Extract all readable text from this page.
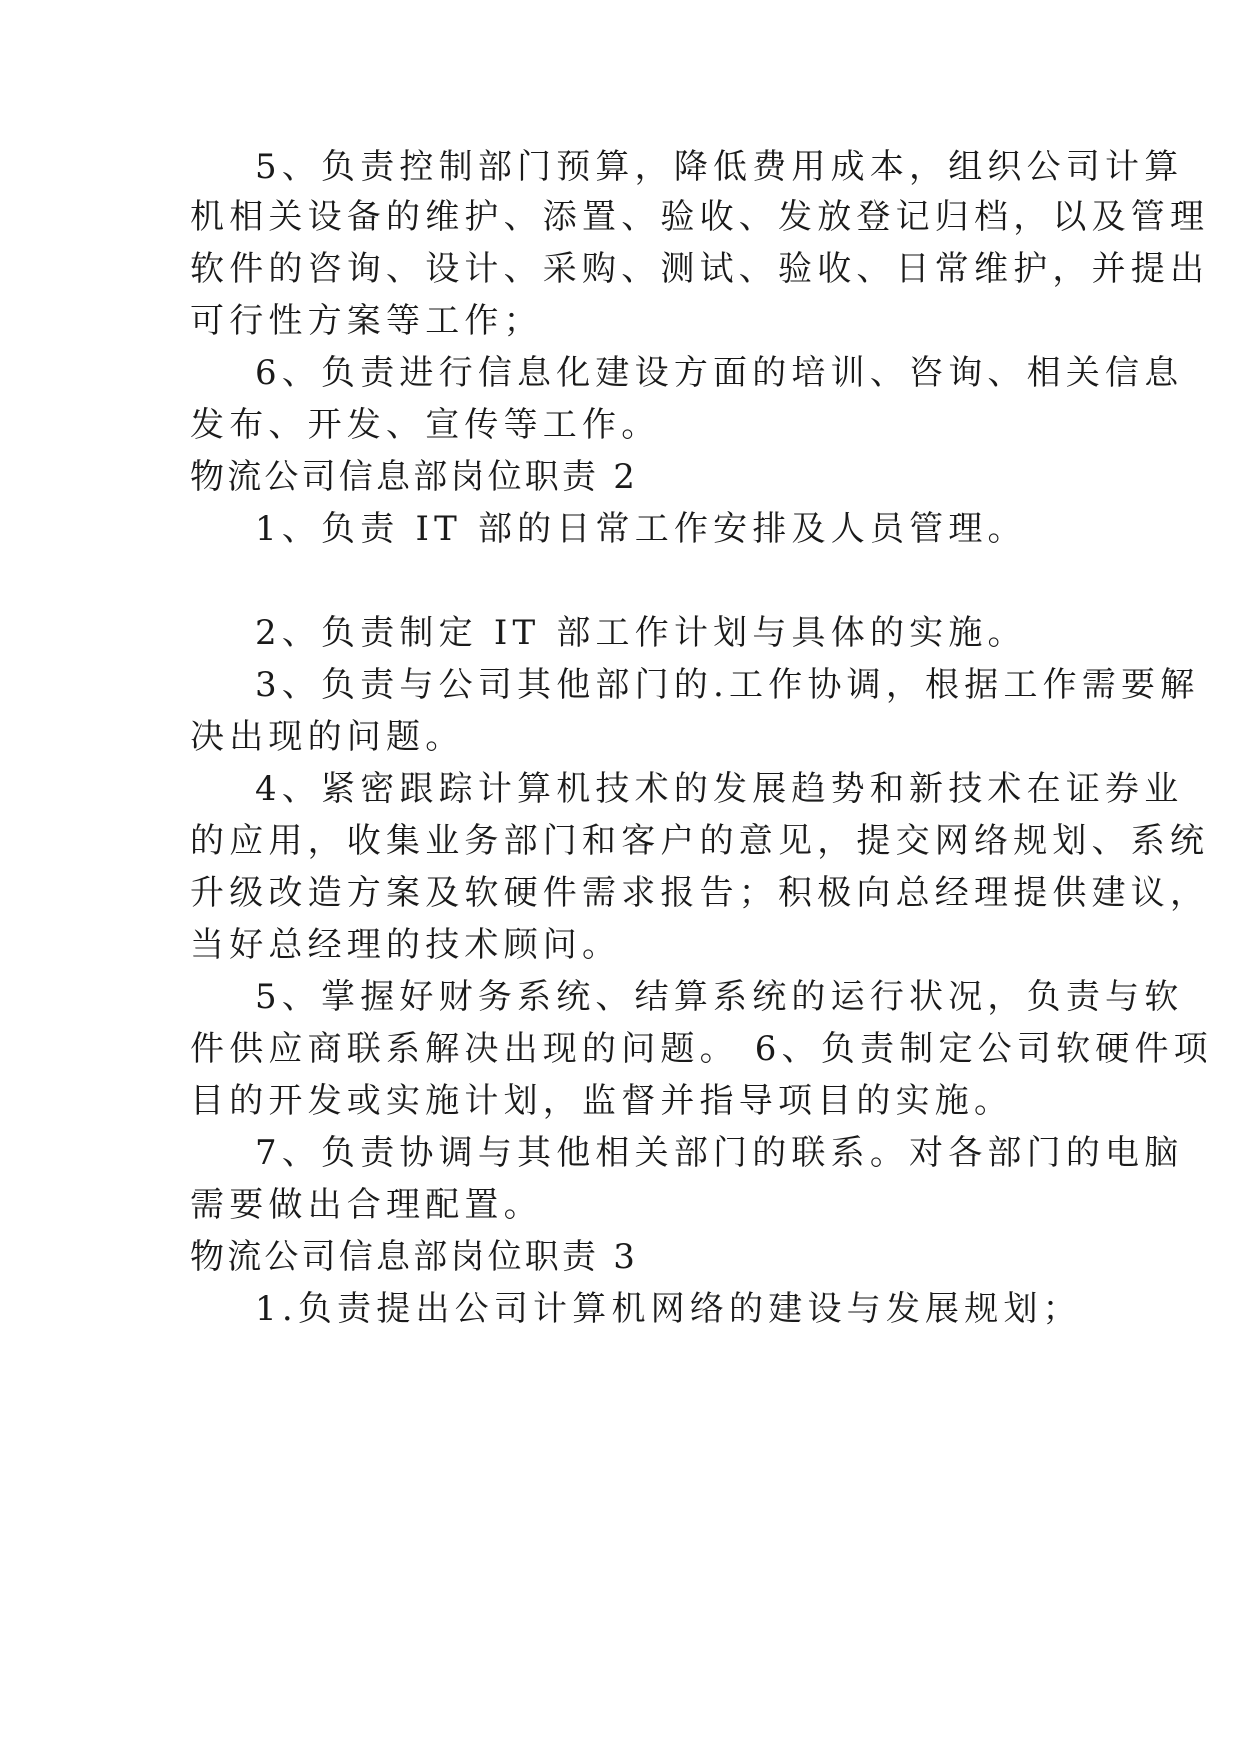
5、负责控制部门预算，降低费用成本，组织公司计算

机相关设备的维护、添置、验收、发放登记归档，以及管理

软件的咨询、设计、采购、测试、验收、日常维护，并提出

可行性方案等工作；

6、负责进行信息化建设方面的培训、咨询、相关信息

发布、开发、宣传等工作。

物流公司信息部岗位职责 2

1、负责 IT 部的日常工作安排及人员管理。

2、负责制定 IT 部工作计划与具体的实施。

3、负责与公司其他部门的.工作协调，根据工作需要解

决出现的问题。

4、紧密跟踪计算机技术的发展趋势和新技术在证券业

的应用，收集业务部门和客户的意见，提交网络规划、系统

升级改造方案及软硬件需求报告；积极向总经理提供建议，

当好总经理的技术顾问。

5、掌握好财务系统、结算系统的运行状况，负责与软

件供应商联系解决出现的问题。 6、负责制定公司软硬件项

目的开发或实施计划，监督并指导项目的实施。

7、负责协调与其他相关部门的联系。对各部门的电脑

需要做出合理配置。

物流公司信息部岗位职责 3

1.负责提出公司计算机网络的建设与发展规划；
